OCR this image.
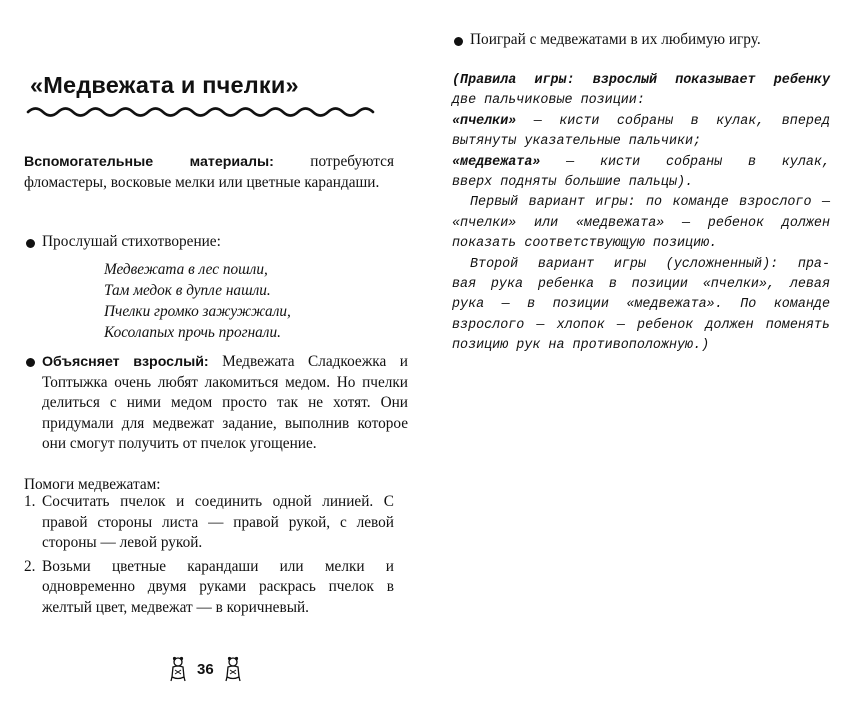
«Медвежата и пчелки»
Вспомогательные материалы: потребуются фломастеры, восковые мелки или цветные карандаши.
Прослушай стихотворение:
Медвежата в лес пошли,
Там медок в дупле нашли.
Пчелки громко зажужжали,
Косолапых прочь прогнали.
Объясняет взрослый: Медвежата Сладкоежка и Топтыжка очень любят лакомиться медом. Но пчелки делиться с ними медом просто так не хотят. Они придумали для медвежат задание, выполнив которое они смогут получить от пчелок угощение.
Помоги медвежатам:
1. Сосчитать пчелок и соединить одной линией. С правой стороны листа — правой рукой, с левой стороны — левой рукой.
2. Возьми цветные карандаши или мелки и одновременно двумя руками раскрась пчелок в желтый цвет, медвежат — в коричневый.
36
Поиграй с медвежатами в их любимую игру.
(Правила игры: взрослый показывает ребенку
две пальчиковые позиции:
«пчелки» — кисти собраны в кулак, вперед
вытянуты указательные пальчики;
«медвежата» — кисти собраны в кулак,
вверх подняты большие пальцы).
Первый вариант игры: по команде взрослого —
«пчелки» или «медвежата» — ребенок должен
показать соответствующую позицию.
Второй вариант игры (усложненный): пра-
вая рука ребенка в позиции «пчелки», левая
рука — в позиции «медвежата». По команде
взрослого — хлопок — ребенок должен поменять
позицию рук на противоположную.)
